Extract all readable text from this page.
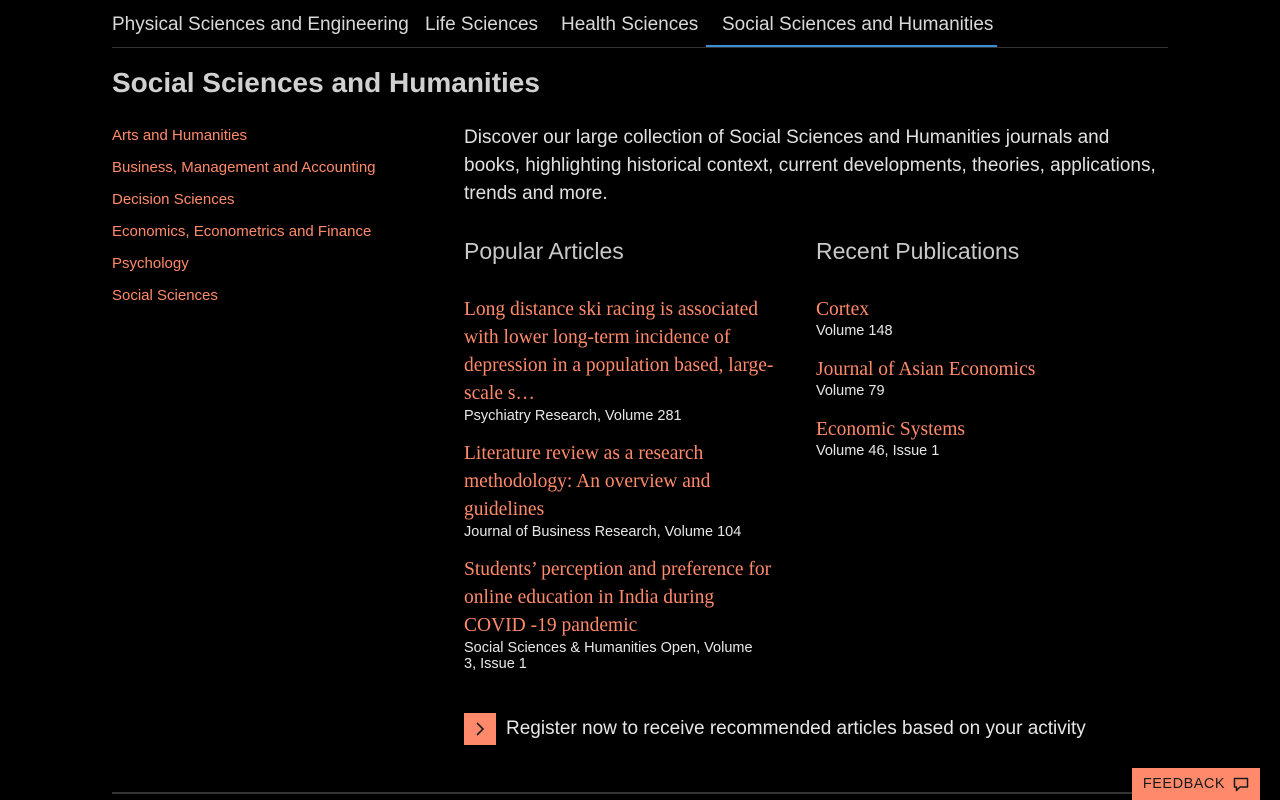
Physical Sciences and Engineering Life Sciences	Health Sciences	Social Sciences and Humanities
Social Sciences and Humanities
Arts and Humanities
Business, Management and Accounting
Decision Sciences
Economics, Econometrics and Finance
Psychology
Social Sciences

Discover our large collection of Social Sciences and Humanities journals and books, highlighting historical context, current developments, theories, applications, trends and more.

Popular Articles	Recent Publications
Long distance ski racing is associated with lower long-term incidence of depression in a population based, large-scale s…
Psychiatry Research, Volume 281
Literature review as a research methodology: An overview and guidelines
Journal of Business Research, Volume 104
Students’ perception and preference for online education in India during COVID -19 pandemic
Social Sciences & Humanities Open, Volume 3, Issue 1
Cortex
Volume 148
Journal of Asian Economics
Volume 79
Economic Systems
Volume 46, Issue 1
Register now to receive recommended articles based on your activity
FEEDBACK
